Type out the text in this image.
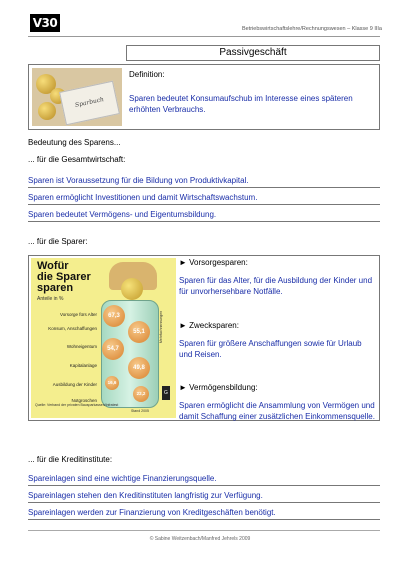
V30	Betriebswirtschaftslehre/Rechnungswesen – Klasse 9 IIIa
Passivgeschäft
Sparbuch
Definition:
Sparen bedeutet Konsumaufschub im Interesse eines späteren erhöhten Verbrauchs.
Bedeutung des Sparens...
... für die Gesamtwirtschaft:
Sparen ist Voraussetzung für die Bildung von Produktivkapital.
Sparen ermöglicht Investitionen und damit Wirtschaftswachstum.
Sparen bedeutet Vermögens- und Eigentumsbildung.
... für die Sparer:
Wofür
die Sparer
sparen
Anteile in %
Vorsorge fürs Alter
Konsum, Anschaffungen
Wohneigentum
Kapitalanlage
Ausbildung der Kinder
Notgroschen
67,3
55,1
54,7
49,8
16,6
22,2
Quelle: Verband der privaten Bausparkassen/Infratest
Stand 2005
Mehrfachnennungen
G
► Vorsorgesparen:
Sparen für das Alter, für die Ausbildung der Kinder und für unvorhersehbare Notfälle.
► Zwecksparen:
Sparen für größere Anschaffungen sowie für Urlaub und Reisen.
► Vermögensbildung:
Sparen ermöglicht die Ansammlung von Vermögen und damit Schaffung einer zusätzlichen Einkommensquelle.
... für die Kreditinstitute:
Spareinlagen sind eine wichtige Finanzierungsquelle.
Spareinlagen stehen den Kreditinstituten langfristig zur Verfügung.
Spareinlagen werden zur Finanzierung von Kreditgeschäften benötigt.
© Sabine Weitzenbach/Manfred Jehrels 2009
